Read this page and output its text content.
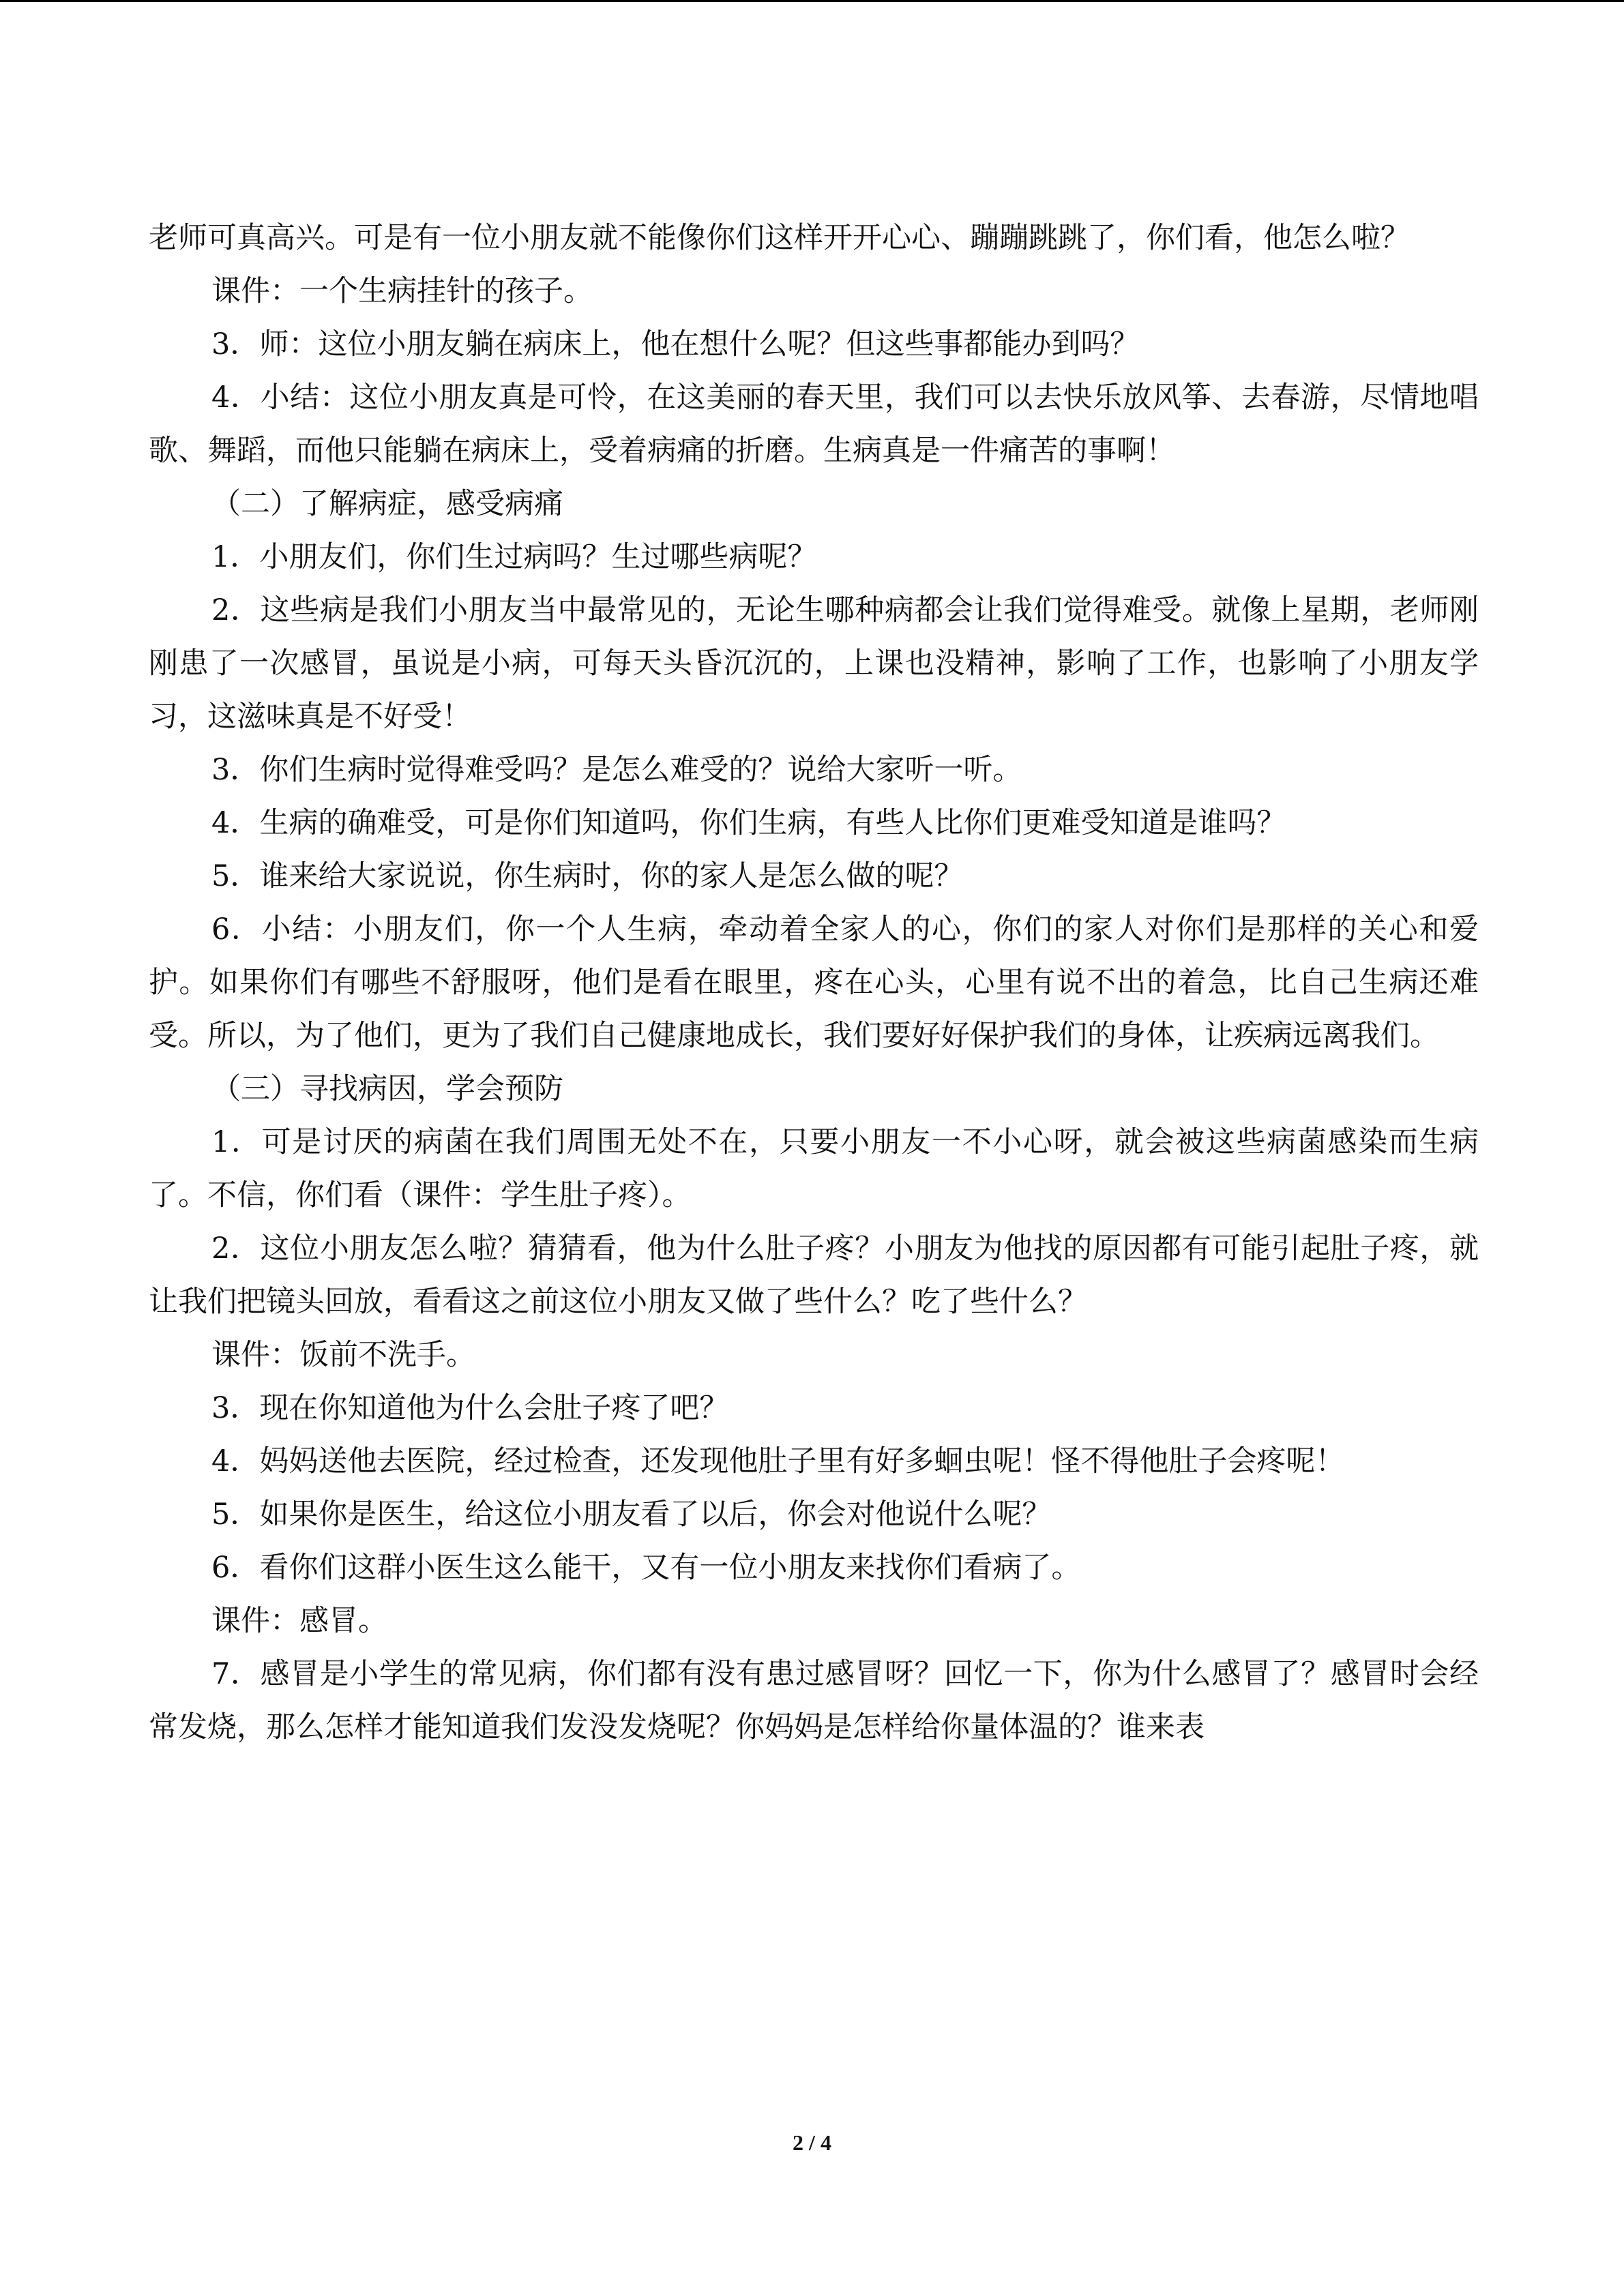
老师可真高兴。可是有一位小朋友就不能像你们这样开开心心、蹦蹦跳跳了，你们看，他怎么啦？

课件：一个生病挂针的孩子。

3．师：这位小朋友躺在病床上，他在想什么呢？但这些事都能办到吗？

4．小结：这位小朋友真是可怜，在这美丽的春天里，我们可以去快乐放风筝、去春游，尽情地唱歌、舞蹈，而他只能躺在病床上，受着病痛的折磨。生病真是一件痛苦的事啊！

（二）了解病症，感受病痛

1．小朋友们，你们生过病吗？生过哪些病呢？

2．这些病是我们小朋友当中最常见的，无论生哪种病都会让我们觉得难受。就像上星期，老师刚刚患了一次感冒，虽说是小病，可每天头昏沉沉的，上课也没精神，影响了工作，也影响了小朋友学习，这滋味真是不好受！

3．你们生病时觉得难受吗？是怎么难受的？说给大家听一听。

4．生病的确难受，可是你们知道吗，你们生病，有些人比你们更难受知道是谁吗？

5．谁来给大家说说，你生病时，你的家人是怎么做的呢？

6．小结：小朋友们，你一个人生病，牵动着全家人的心，你们的家人对你们是那样的关心和爱护。如果你们有哪些不舒服呀，他们是看在眼里，疼在心头，心里有说不出的着急，比自己生病还难受。所以，为了他们，更为了我们自己健康地成长，我们要好好保护我们的身体，让疾病远离我们。

（三）寻找病因，学会预防

1．可是讨厌的病菌在我们周围无处不在，只要小朋友一不小心呀，就会被这些病菌感染而生病了。不信，你们看（课件：学生肚子疼）。

2．这位小朋友怎么啦？猜猜看，他为什么肚子疼？小朋友为他找的原因都有可能引起肚子疼，就让我们把镜头回放，看看这之前这位小朋友又做了些什么？吃了些什么？

课件：饭前不洗手。

3．现在你知道他为什么会肚子疼了吧？

4．妈妈送他去医院，经过检查，还发现他肚子里有好多蛔虫呢！怪不得他肚子会疼呢！

5．如果你是医生，给这位小朋友看了以后，你会对他说什么呢？

6．看你们这群小医生这么能干，又有一位小朋友来找你们看病了。

课件：感冒。

7．感冒是小学生的常见病，你们都有没有患过感冒呀？回忆一下，你为什么感冒了？感冒时会经常发烧，那么怎样才能知道我们发没发烧呢？你妈妈是怎样给你量体温的？谁来表

2 / 4
